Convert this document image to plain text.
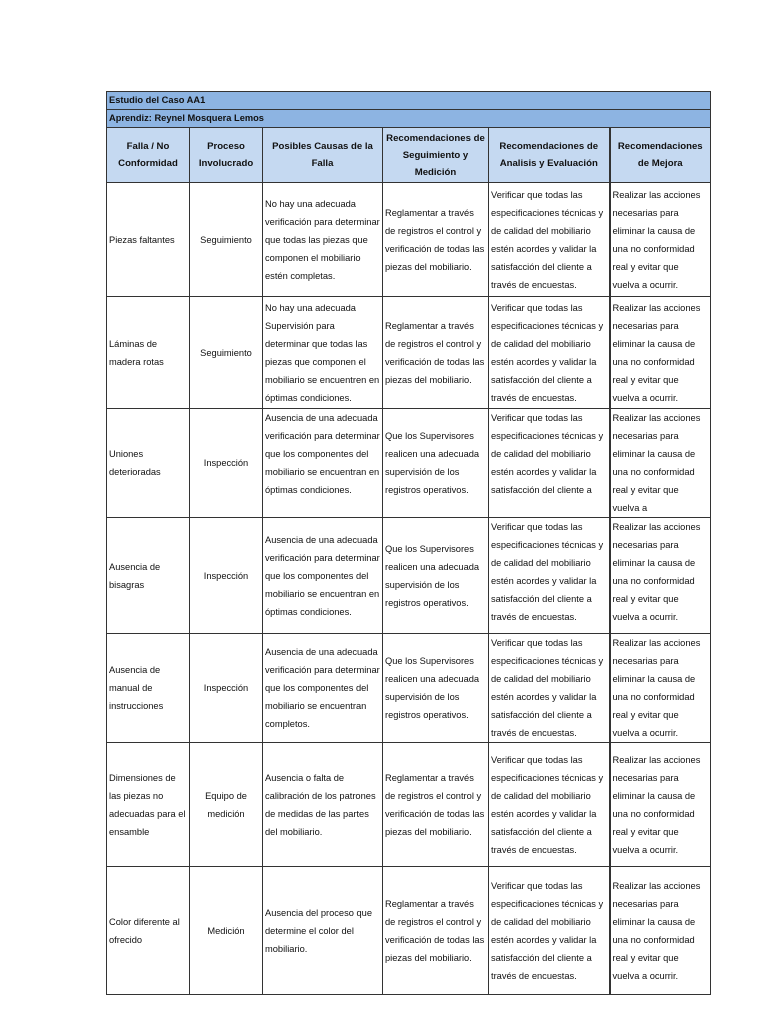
Estudio del Caso AA1					
Aprendiz: Reynel Mosquera Lemos					
Falla / No Conformidad	Proceso Involucrado	Posibles Causas de la Falla	Recomendaciones de Seguimiento y Medición	Recomendaciones de Analisis y Evaluación	Recomendaciones de Mejora
Piezas faltantes	Seguimiento	No hay una adecuada verificación para determinar que todas las piezas que componen el mobiliario estén completas.	Reglamentar a través de registros el control y verificación de todas las piezas del mobiliario.	Verificar que todas las especificaciones técnicas y de calidad del mobiliario estén acordes y validar la satisfacción del cliente a través de encuestas.	Realizar las acciones necesarias para eliminar la causa de una no conformidad real y evitar que vuelva a ocurrir.
Láminas de madera rotas	Seguimiento	No hay una adecuada Supervisión para determinar que todas las piezas que componen el mobiliario se encuentren en óptimas condiciones.	Reglamentar a través de registros el control y verificación de todas las piezas del mobiliario.	Verificar que todas las especificaciones técnicas y de calidad del mobiliario estén acordes y validar la satisfacción del cliente a través de encuestas.	Realizar las acciones necesarias para eliminar la causa de una no conformidad real y evitar que vuelva a ocurrir.
Uniones deterioradas	Inspección	Ausencia de una adecuada verificación para determinar que los componentes del mobiliario se encuentran en óptimas condiciones.	Que los Supervisores realicen una adecuada supervisión de los registros operativos.	Verificar que todas las especificaciones técnicas y de calidad del mobiliario estén acordes y validar la satisfacción del cliente a	Realizar las acciones necesarias para eliminar la causa de una no conformidad real y evitar que vuelva a
Ausencia de bisagras	Inspección	Ausencia de una adecuada verificación para determinar que los componentes del mobiliario se encuentran en óptimas condiciones.	Que los Supervisores realicen una adecuada supervisión de los registros operativos.	Verificar que todas las especificaciones técnicas y de calidad del mobiliario estén acordes y validar la satisfacción del cliente a través de encuestas.	Realizar las acciones necesarias para eliminar la causa de una no conformidad real y evitar que vuelva a ocurrir.
Ausencia de manual de instrucciones	Inspección	Ausencia de una adecuada verificación para determinar que los componentes del mobiliario se encuentran completos.	Que los Supervisores realicen una adecuada supervisión de los registros operativos.	Verificar que todas las especificaciones técnicas y de calidad del mobiliario estén acordes y validar la satisfacción del cliente a través de encuestas.	Realizar las acciones necesarias para eliminar la causa de una no conformidad real y evitar que vuelva a ocurrir.
Dimensiones de las piezas no adecuadas para el ensamble	Equipo de medición	Ausencia o falta de calibración de los patrones de medidas de las partes del mobiliario.	Reglamentar a través de registros el control y verificación de todas las piezas del mobiliario.	Verificar que todas las especificaciones técnicas y de calidad del mobiliario estén acordes y validar la satisfacción del cliente a través de encuestas.	Realizar las acciones necesarias para eliminar la causa de una no conformidad real y evitar que vuelva a ocurrir.
Color diferente al ofrecido	Medición	Ausencia del proceso que determine el color del mobiliario.	Reglamentar a través de registros el control y verificación de todas las piezas del mobiliario.	Verificar que todas las especificaciones técnicas y de calidad del mobiliario estén acordes y validar la satisfacción del cliente a través de encuestas.	Realizar las acciones necesarias para eliminar la causa de una no conformidad real y evitar que vuelva a ocurrir.
